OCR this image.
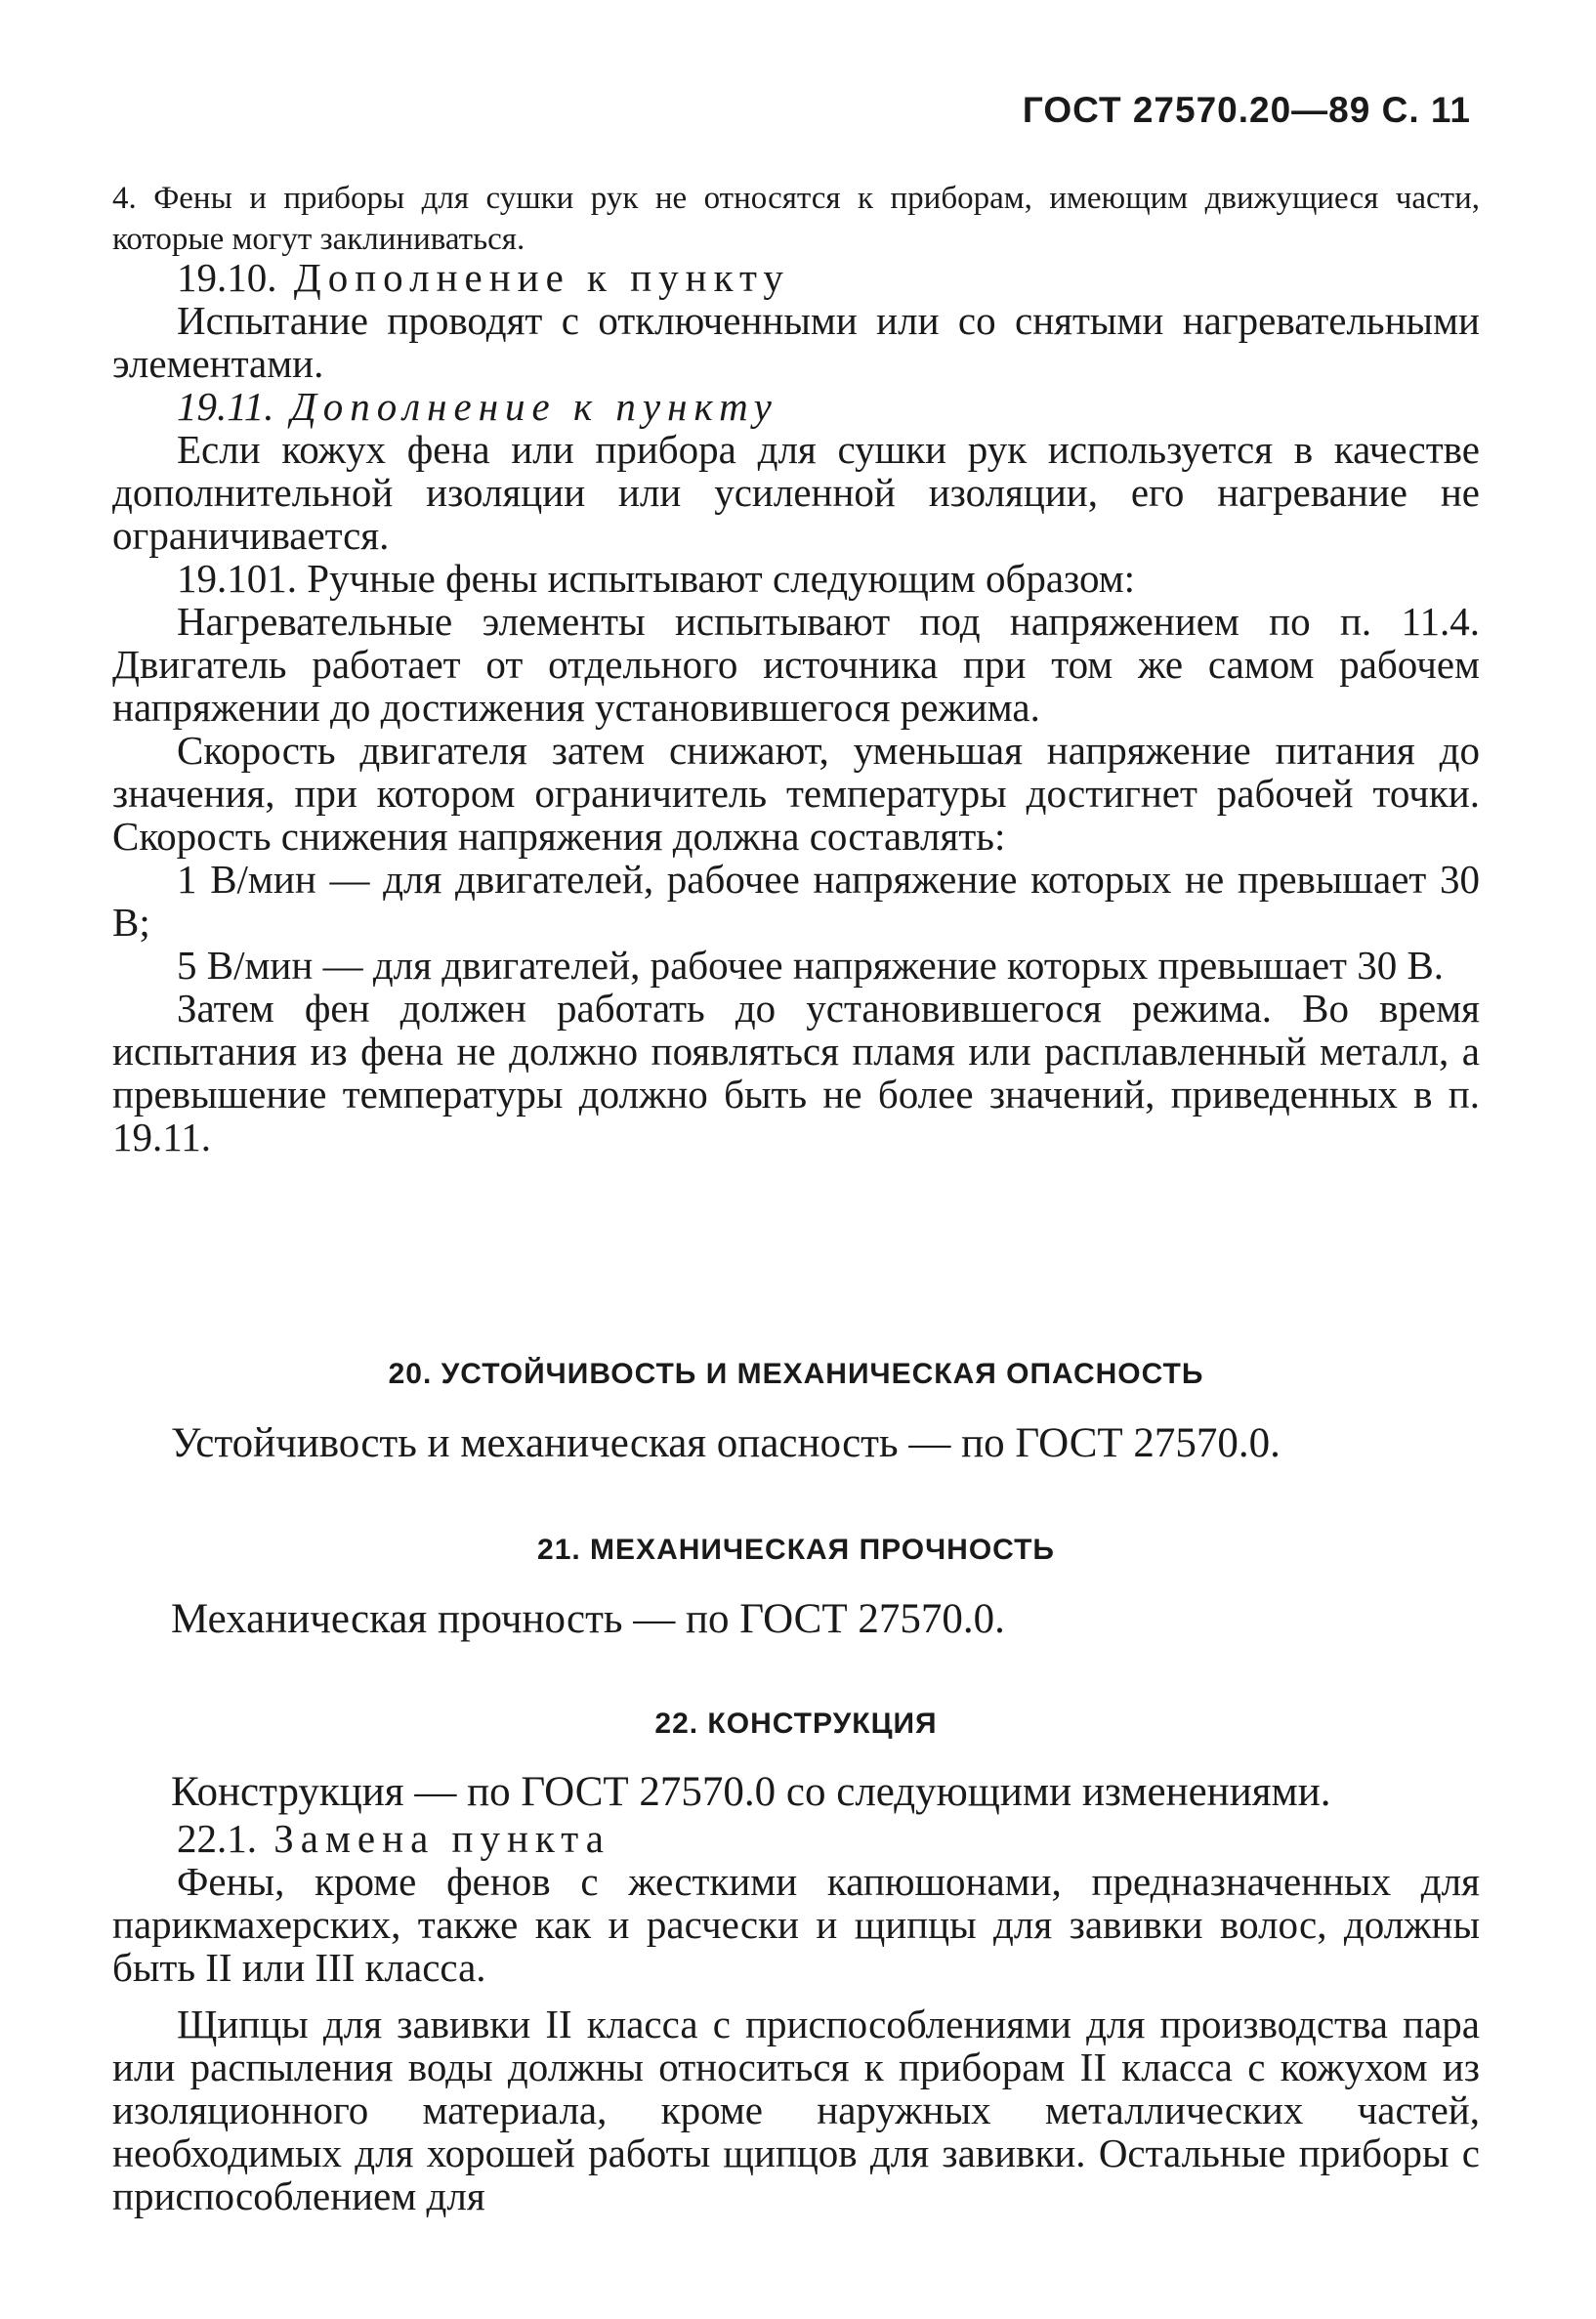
ГОСТ 27570.20—89 С. 11
4. Фены и приборы для сушки рук не относятся к приборам, имеющим движущиеся части, которые могут заклиниваться.

19.10. Дополнение к пункту

Испытание проводят с отключенными или со снятыми нагревательными элементами.

19.11. Дополнение к пункту

Если кожух фена или прибора для сушки рук используется в качестве дополнительной изоляции или усиленной изоляции, его нагревание не ограничивается.

19.101. Ручные фены испытывают следующим образом:

Нагревательные элементы испытывают под напряжением по п. 11.4. Двигатель работает от отдельного источника при том же самом рабочем напряжении до достижения установившегося режима.

Скорость двигателя затем снижают, уменьшая напряжение питания до значения, при котором ограничитель температуры достигнет рабочей точки. Скорость снижения напряжения должна составлять:

1 В/мин — для двигателей, рабочее напряжение которых не превышает 30 В;

5 В/мин — для двигателей, рабочее напряжение которых превышает 30 В.

Затем фен должен работать до установившегося режима. Во время испытания из фена не должно появляться пламя или расплавленный металл, а превышение температуры должно быть не более значений, приведенных в п. 19.11.

20. УСТОЙЧИВОСТЬ И МЕХАНИЧЕСКАЯ ОПАСНОСТЬ
Устойчивость и механическая опасность — по ГОСТ 27570.0.
21. МЕХАНИЧЕСКАЯ ПРОЧНОСТЬ
Механическая прочность — по ГОСТ 27570.0.
22. КОНСТРУКЦИЯ
Конструкция — по ГОСТ 27570.0 со следующими изменениями.

22.1. Замена пункта

Фены, кроме фенов с жесткими капюшонами, предназначенных для парикмахерских, также как и расчески и щипцы для завивки волос, должны быть II или III класса.

Щипцы для завивки II класса с приспособлениями для производства пара или распыления воды должны относиться к приборам II класса с кожухом из изоляционного материала, кроме наружных металлических частей, необходимых для хорошей работы щипцов для завивки. Остальные приборы с приспособлением для
